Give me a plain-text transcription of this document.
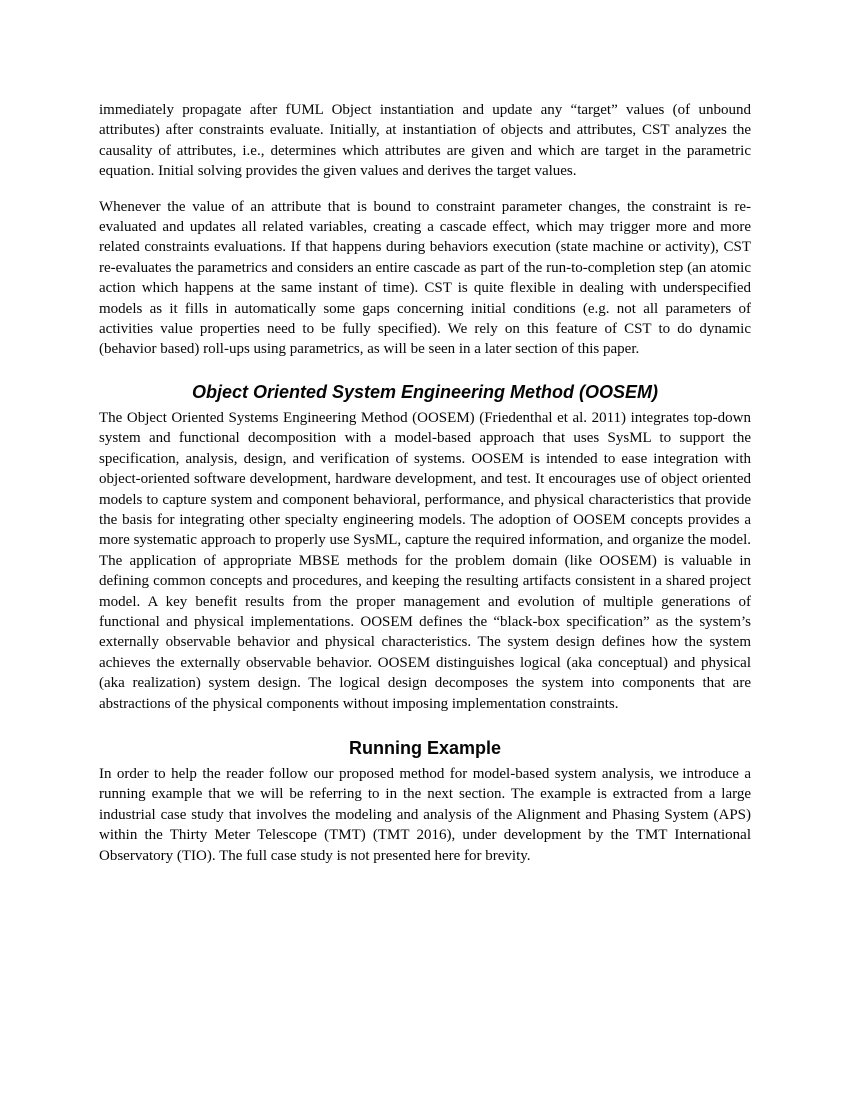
immediately propagate after fUML Object instantiation and update any “target” values (of unbound attributes) after constraints evaluate. Initially, at instantiation of objects and attributes, CST analyzes the causality of attributes, i.e., determines which attributes are given and which are target in the parametric equation. Initial solving provides the given values and derives the target values.

Whenever the value of an attribute that is bound to constraint parameter changes, the constraint is re-evaluated and updates all related variables, creating a cascade effect, which may trigger more and more related constraints evaluations. If that happens during behaviors execution (state machine or activity), CST re-evaluates the parametrics and considers an entire cascade as part of the run-to-completion step (an atomic action which happens at the same instant of time). CST is quite flexible in dealing with underspecified models as it fills in automatically some gaps concerning initial conditions (e.g. not all parameters of activities value properties need to be fully specified). We rely on this feature of CST to do dynamic (behavior based) roll-ups using parametrics, as will be seen in a later section of this paper.

Object Oriented System Engineering Method (OOSEM)

The Object Oriented Systems Engineering Method (OOSEM) (Friedenthal et al. 2011) integrates top-down system and functional decomposition with a model-based approach that uses SysML to support the specification, analysis, design, and verification of systems. OOSEM is intended to ease integration with object-oriented software development, hardware development, and test. It encourages use of object oriented models to capture system and component behavioral, performance, and physical characteristics that provide the basis for integrating other specialty engineering models. The adoption of OOSEM concepts provides a more systematic approach to properly use SysML, capture the required information, and organize the model. The application of appropriate MBSE methods for the problem domain (like OOSEM) is valuable in defining common concepts and procedures, and keeping the resulting artifacts consistent in a shared project model. A key benefit results from the proper management and evolution of multiple generations of functional and physical implementations. OOSEM defines the “black-box specification” as the system’s externally observable behavior and physical characteristics. The system design defines how the system achieves the externally observable behavior. OOSEM distinguishes logical (aka conceptual) and physical (aka realization) system design. The logical design decomposes the system into components that are abstractions of the physical components without imposing implementation constraints.

Running Example

In order to help the reader follow our proposed method for model-based system analysis, we introduce a running example that we will be referring to in the next section. The example is extracted from a large industrial case study that involves the modeling and analysis of the Alignment and Phasing System (APS) within the Thirty Meter Telescope (TMT) (TMT 2016), under development by the TMT International Observatory (TIO). The full case study is not presented here for brevity.
